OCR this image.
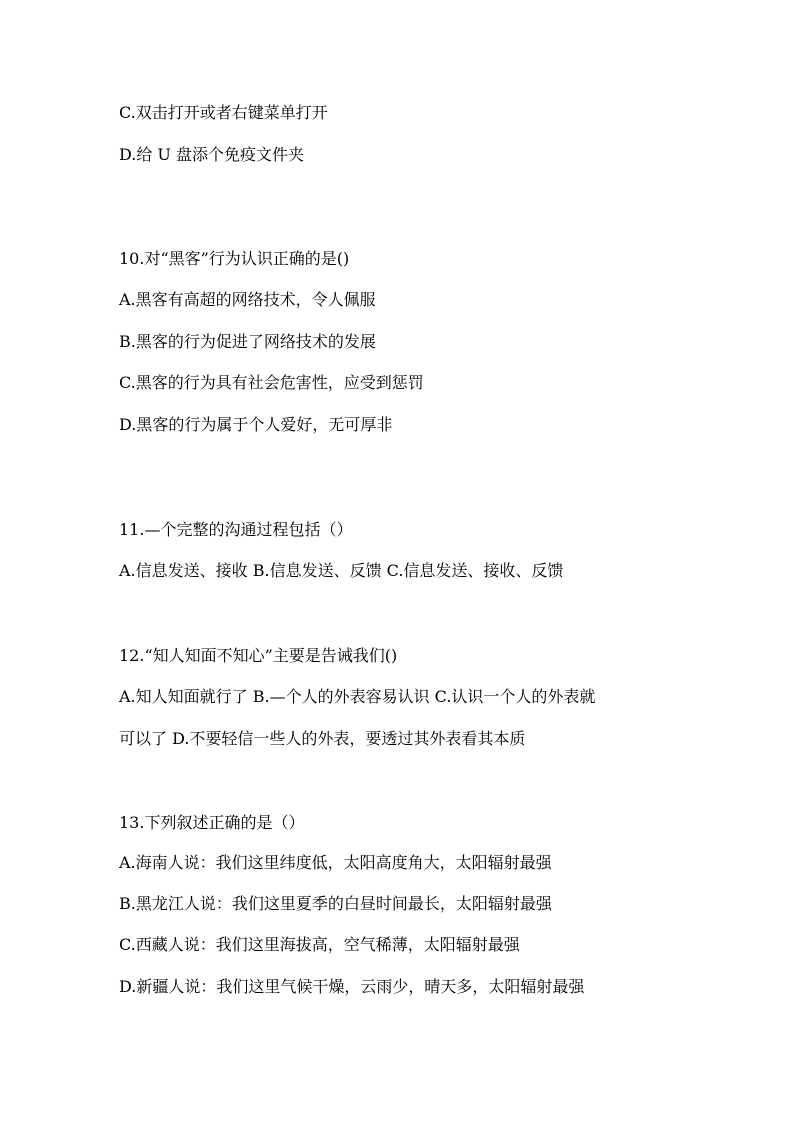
C.双击打开或者右键菜单打开
D.给 U 盘添个免疫文件夹
10.对“黑客”行为认识正确的是()
A.黑客有高超的网络技术，令人佩服
B.黑客的行为促进了网络技术的发展
C.黑客的行为具有社会危害性，应受到惩罚
D.黑客的行为属于个人爱好，无可厚非
11.—个完整的沟通过程包括（）
A.信息发送、接收 B.信息发送、反馈 C.信息发送、接收、反馈
12.“知人知面不知心”主要是告诫我们()
A.知人知面就行了 B.—个人的外表容易认识 C.认识一个人的外表就
可以了 D.不要轻信一些人的外表，要透过其外表看其本质
13.下列叙述正确的是（）
A.海南人说：我们这里纬度低，太阳高度角大，太阳辐射最强
B.黑龙江人说：我们这里夏季的白昼时间最长，太阳辐射最强
C.西藏人说：我们这里海拔高，空气稀薄，太阳辐射最强
D.新疆人说：我们这里气候干燥，云雨少，晴天多，太阳辐射最强
